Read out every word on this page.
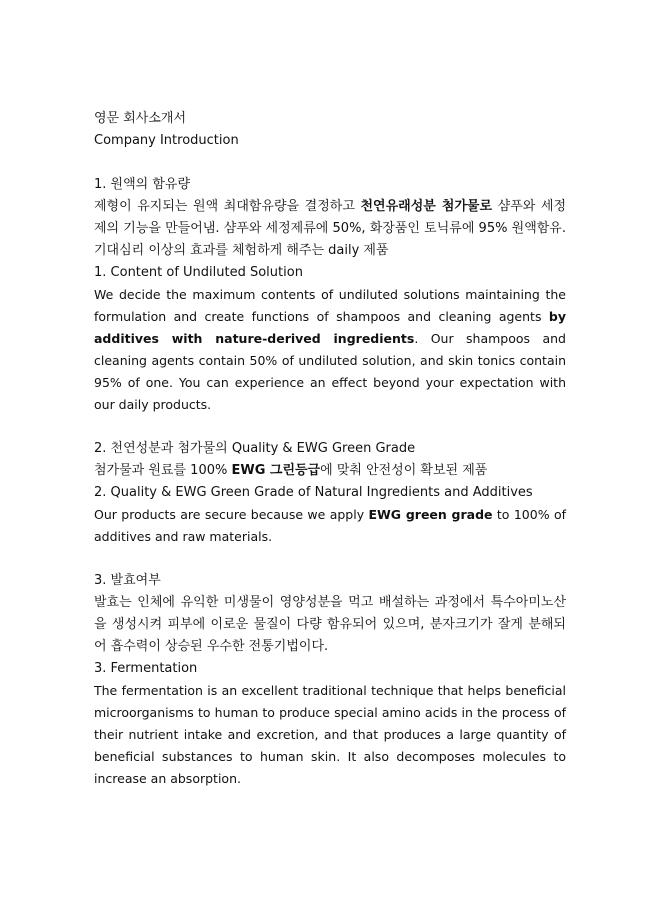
영문 회사소개서

Company Introduction

1. 원액의 함유량

제형이 유지되는 원액 최대함유량을 결정하고 천연유래성분 첨가물로 샴푸와 세정제의 기능을 만들어냄. 샴푸와 세정제류에 50%, 화장품인 토닉류에 95% 원액함유. 기대심리 이상의 효과를 체험하게 해주는 daily 제품

1. Content of Undiluted Solution

We decide the maximum contents of undiluted solutions maintaining the formulation and create functions of shampoos and cleaning agents by additives with nature-derived ingredients. Our shampoos and cleaning agents contain 50% of undiluted solution, and skin tonics contain 95% of one. You can experience an effect beyond your expectation with our daily products.

2. 천연성분과 첨가물의 Quality & EWG Green Grade

첨가물과 원료를 100% EWG 그린등급에 맞춰 안전성이 확보된 제품

2. Quality & EWG Green Grade of Natural Ingredients and Additives

Our products are secure because we apply EWG green grade to 100% of additives and raw materials.

3. 발효여부

발효는 인체에 유익한 미생물이 영양성분을 먹고 배설하는 과정에서 특수아미노산을 생성시켜 피부에 이로운 물질이 다량 함유되어 있으며, 분자크기가 잘게 분해되어 흡수력이 상승된 우수한 전통기법이다.

3. Fermentation

The fermentation is an excellent traditional technique that helps beneficial microorganisms to human to produce special amino acids in the process of their nutrient intake and excretion, and that produces a large quantity of beneficial substances to human skin. It also decomposes molecules to increase an absorption.
